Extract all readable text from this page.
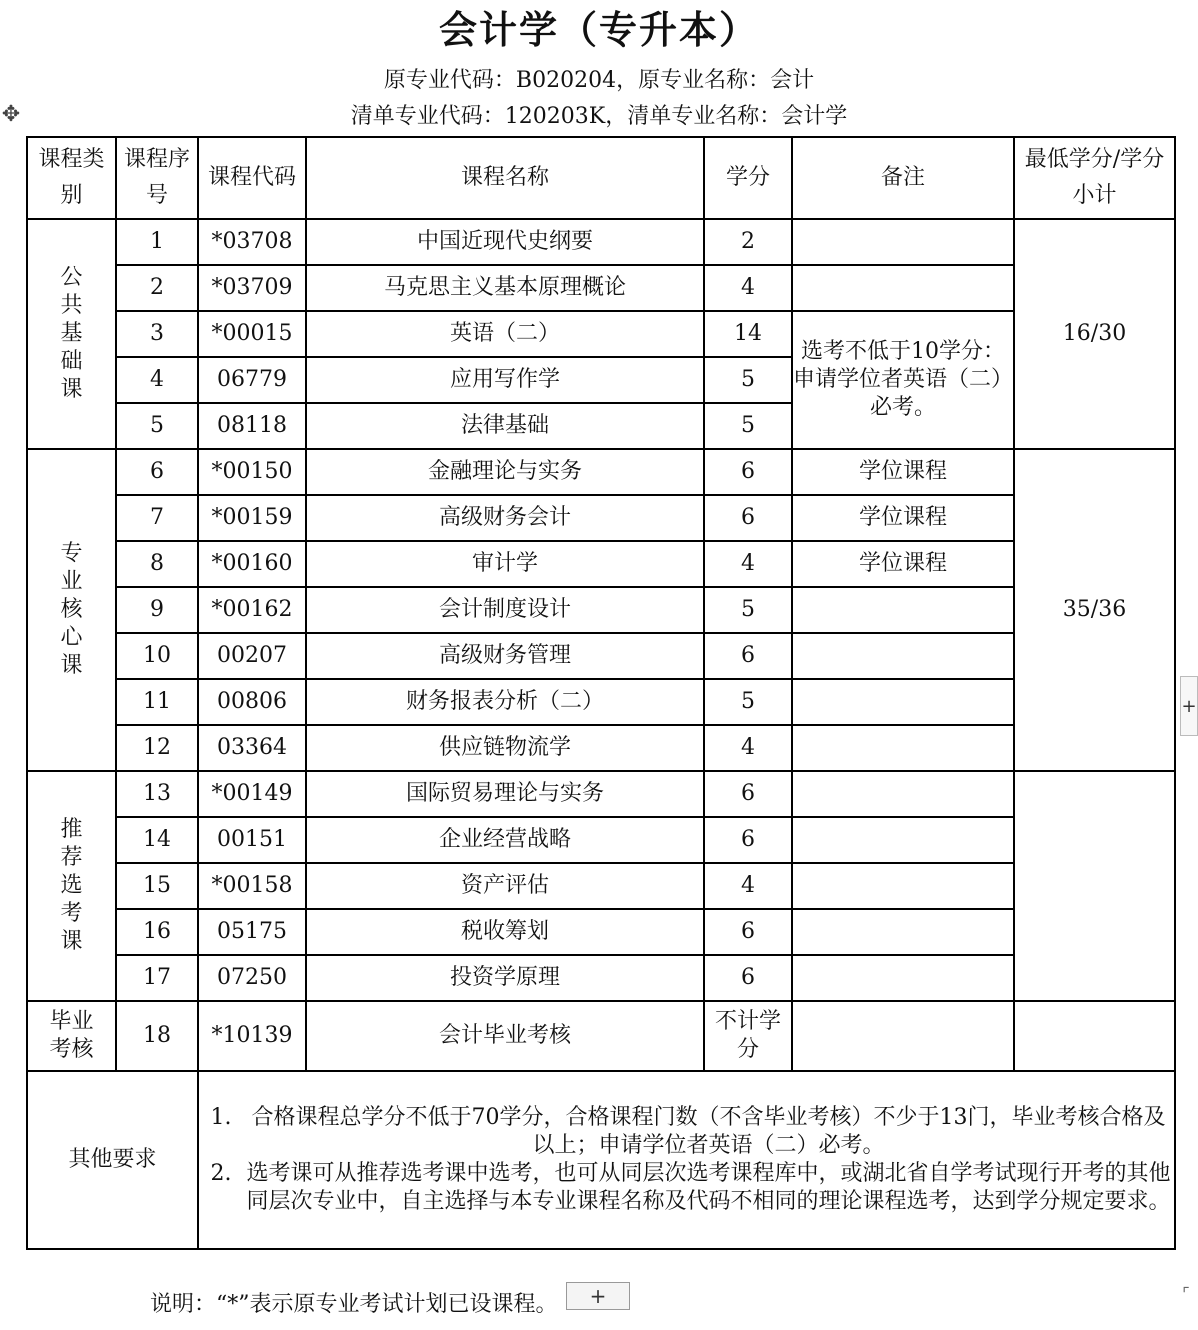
会计学（专升本）
原专业代码：B020204，原专业名称：会计
清单专业代码：120203K，清单专业名称：会计学
✥
课程类别	课程序号	课程代码	课程名称	学分	备注	最低学分/学分小计

公
共
基
础
课	1	*03708	中国近现代史纲要	2		16/30
	2	*03709	马克思主义基本原理概论	4		
	3	*00015	英语（二）	14	选考不低于10学分：申请学位者英语（二）必考。	
	4	06779	应用写作学	5		
	5	08118	法律基础	5		

专
业
核
心
课	6	*00150	金融理论与实务	6	学位课程	35/36
	7	*00159	高级财务会计	6	学位课程	
	8	*00160	审计学	4	学位课程	
	9	*00162	会计制度设计	5		
	10	00207	高级财务管理	6		
	11	00806	财务报表分析（二）	5		
	12	03364	供应链物流学	4		

推
荐
选
考
课	13	*00149	国际贸易理论与实务	6		
	14	00151	企业经营战略	6		
	15	*00158	资产评估	4		
	16	05175	税收筹划	6		
	17	07250	投资学原理	6		

毕业
考核	18	*10139	会计毕业考核	不计学分		
其他要求		1. 合格课程总学分不低于70学分，合格课程门数（不含毕业考核）不少于13门，毕业考核合格及以上；申请学位者英语（二）必考。
2. 选考课可从推荐选考课中选考，也可从同层次选考课程库中，或湖北省自学考试现行开考的其他同层次专业中，自主选择与本专业课程名称及代码不相同的理论课程选考，达到学分规定要求。				
说明：“*”表示原专业考试计划已设课程。	+
+
⌜
